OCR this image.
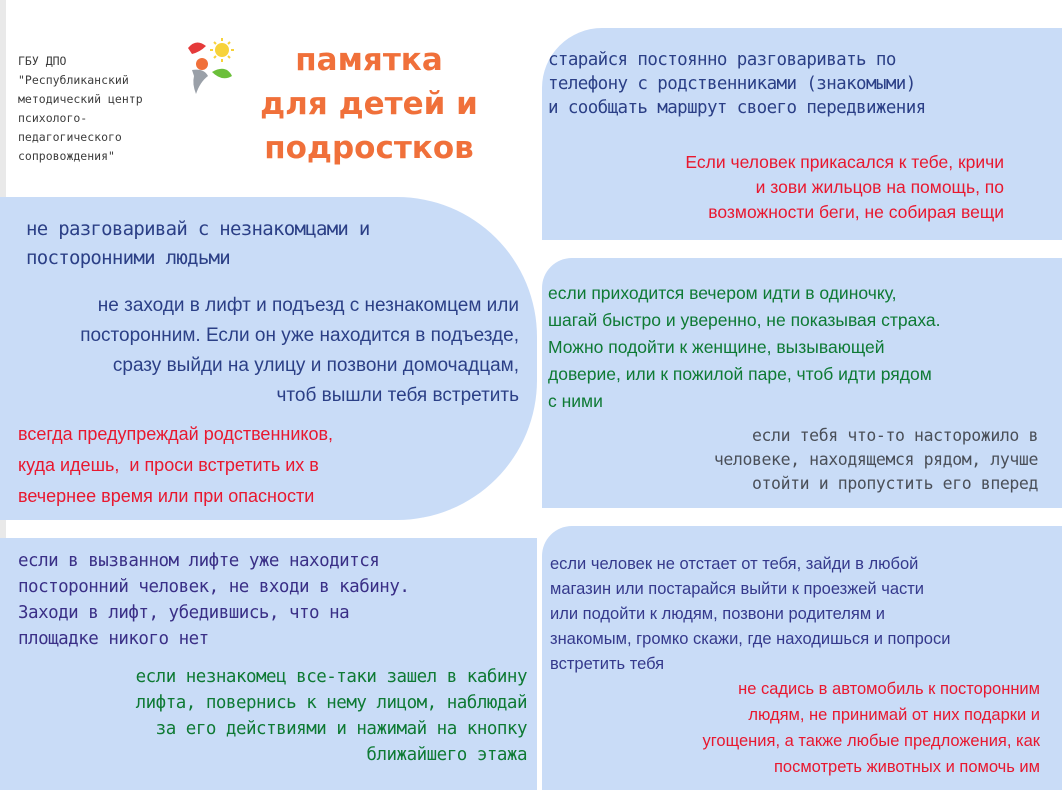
ГБУ ДПО
"Республиканский
методический центр
психолого-
педагогического
сопровождения"
памятка
для детей и
подростков
старайся постоянно разговаривать по
телефону с родственниками (знакомыми)
и сообщать маршрут своего передвижения
Если человек прикасался к тебе, кричи
и зови жильцов на помощь, по
возможности беги, не собирая вещи
не разговаривай с незнакомцами и
посторонними людьми
не заходи в лифт и подъезд с незнакомцем или
посторонним. Если он уже находится в подъезде,
сразу выйди на улицу и позвони домочадцам,
чтоб вышли тебя встретить
всегда предупреждай родственников,
куда идешь,  и проси встретить их в
вечернее время или при опасности
если приходится вечером идти в одиночку,
шагай быстро и уверенно, не показывая страха.
Можно подойти к женщине, вызывающей
доверие, или к пожилой паре, чтоб идти рядом
с ними
если тебя что-то насторожило в
человеке, находящемся рядом, лучше
отойти и пропустить его вперед
если в вызванном лифте уже находится
посторонний человек, не входи в кабину.
Заходи в лифт, убедившись, что на
площадке никого нет
если незнакомец все-таки зашел в кабину
лифта, повернись к нему лицом, наблюдай
за его действиями и нажимай на кнопку
ближайшего этажа
если человек не отстает от тебя, зайди в любой
магазин или постарайся выйти к проезжей части
или подойти к людям, позвони родителям и
знакомым, громко скажи, где находишься и попроси
встретить тебя
не садись в автомобиль к посторонним
людям, не принимай от них подарки и
угощения, а также любые предложения, как
посмотреть животных и помочь им
